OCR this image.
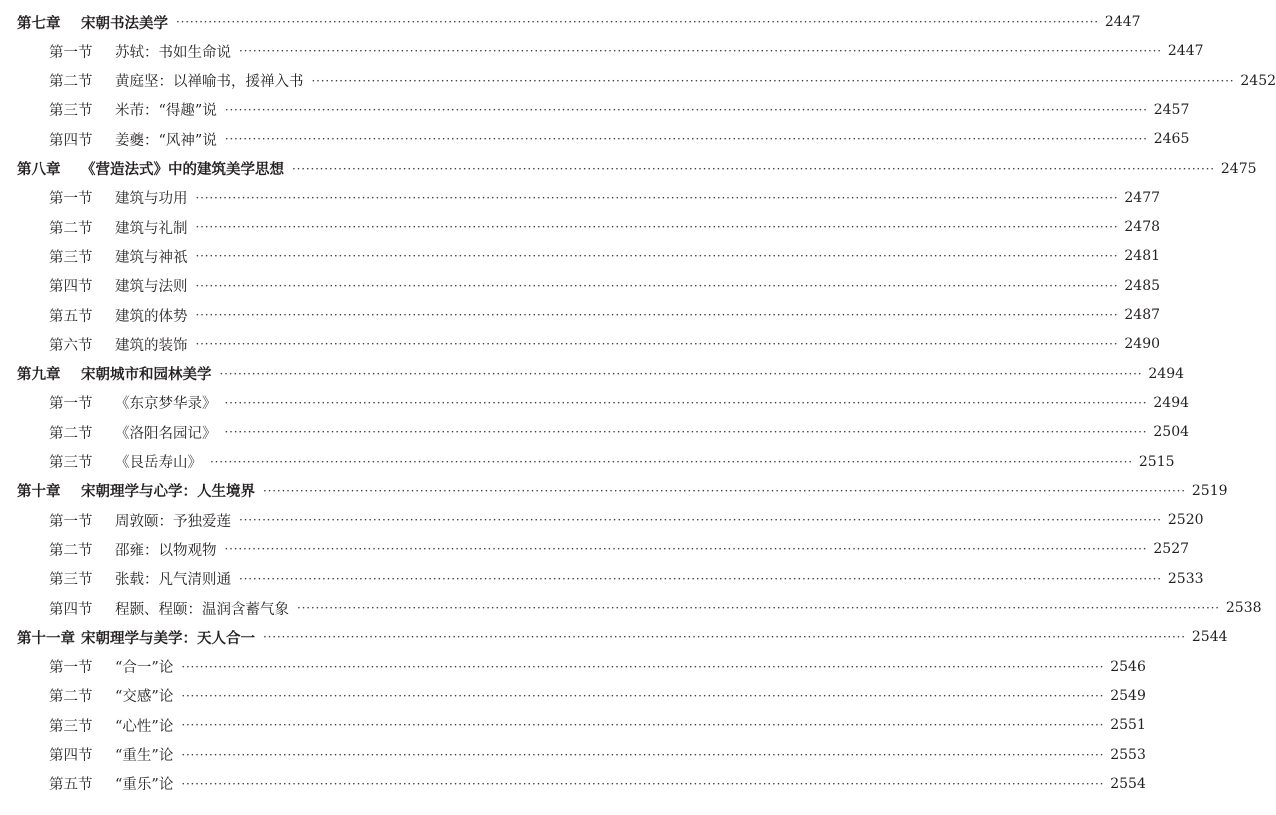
第七章	宋朝书法美学 ········································································································································································································ 2447
第一节	苏轼：书如生命说 ········································································································································································································ 2447
第二节	黄庭坚：以禅喻书，援禅入书 ········································································································································································································ 2452
第三节	米芾：“得趣”说 ········································································································································································································ 2457
第四节	姜夔：“风神”说 ········································································································································································································ 2465
第八章	《营造法式》中的建筑美学思想 ········································································································································································································ 2475
第一节	建筑与功用 ········································································································································································································ 2477
第二节	建筑与礼制 ········································································································································································································ 2478
第三节	建筑与神祇 ········································································································································································································ 2481
第四节	建筑与法则 ········································································································································································································ 2485
第五节	建筑的体势 ········································································································································································································ 2487
第六节	建筑的装饰 ········································································································································································································ 2490
第九章	宋朝城市和园林美学 ········································································································································································································ 2494
第一节	《东京梦华录》 ········································································································································································································ 2494
第二节	《洛阳名园记》 ········································································································································································································ 2504
第三节	《艮岳寿山》 ········································································································································································································ 2515
第十章	宋朝理学与心学：人生境界 ········································································································································································································ 2519
第一节	周敦颐：予独爱莲 ········································································································································································································ 2520
第二节	邵雍：以物观物 ········································································································································································································ 2527
第三节	张载：凡气清则通 ········································································································································································································ 2533
第四节	程颢、程颐：温润含蓄气象 ········································································································································································································ 2538
第十一章 宋朝理学与美学：天人合一 ········································································································································································································ 2544
第一节	“合一”论 ········································································································································································································ 2546
第二节	“交感”论 ········································································································································································································ 2549
第三节	“心性”论 ········································································································································································································ 2551
第四节	“重生”论 ········································································································································································································ 2553
第五节	“重乐”论 ········································································································································································································ 2554
